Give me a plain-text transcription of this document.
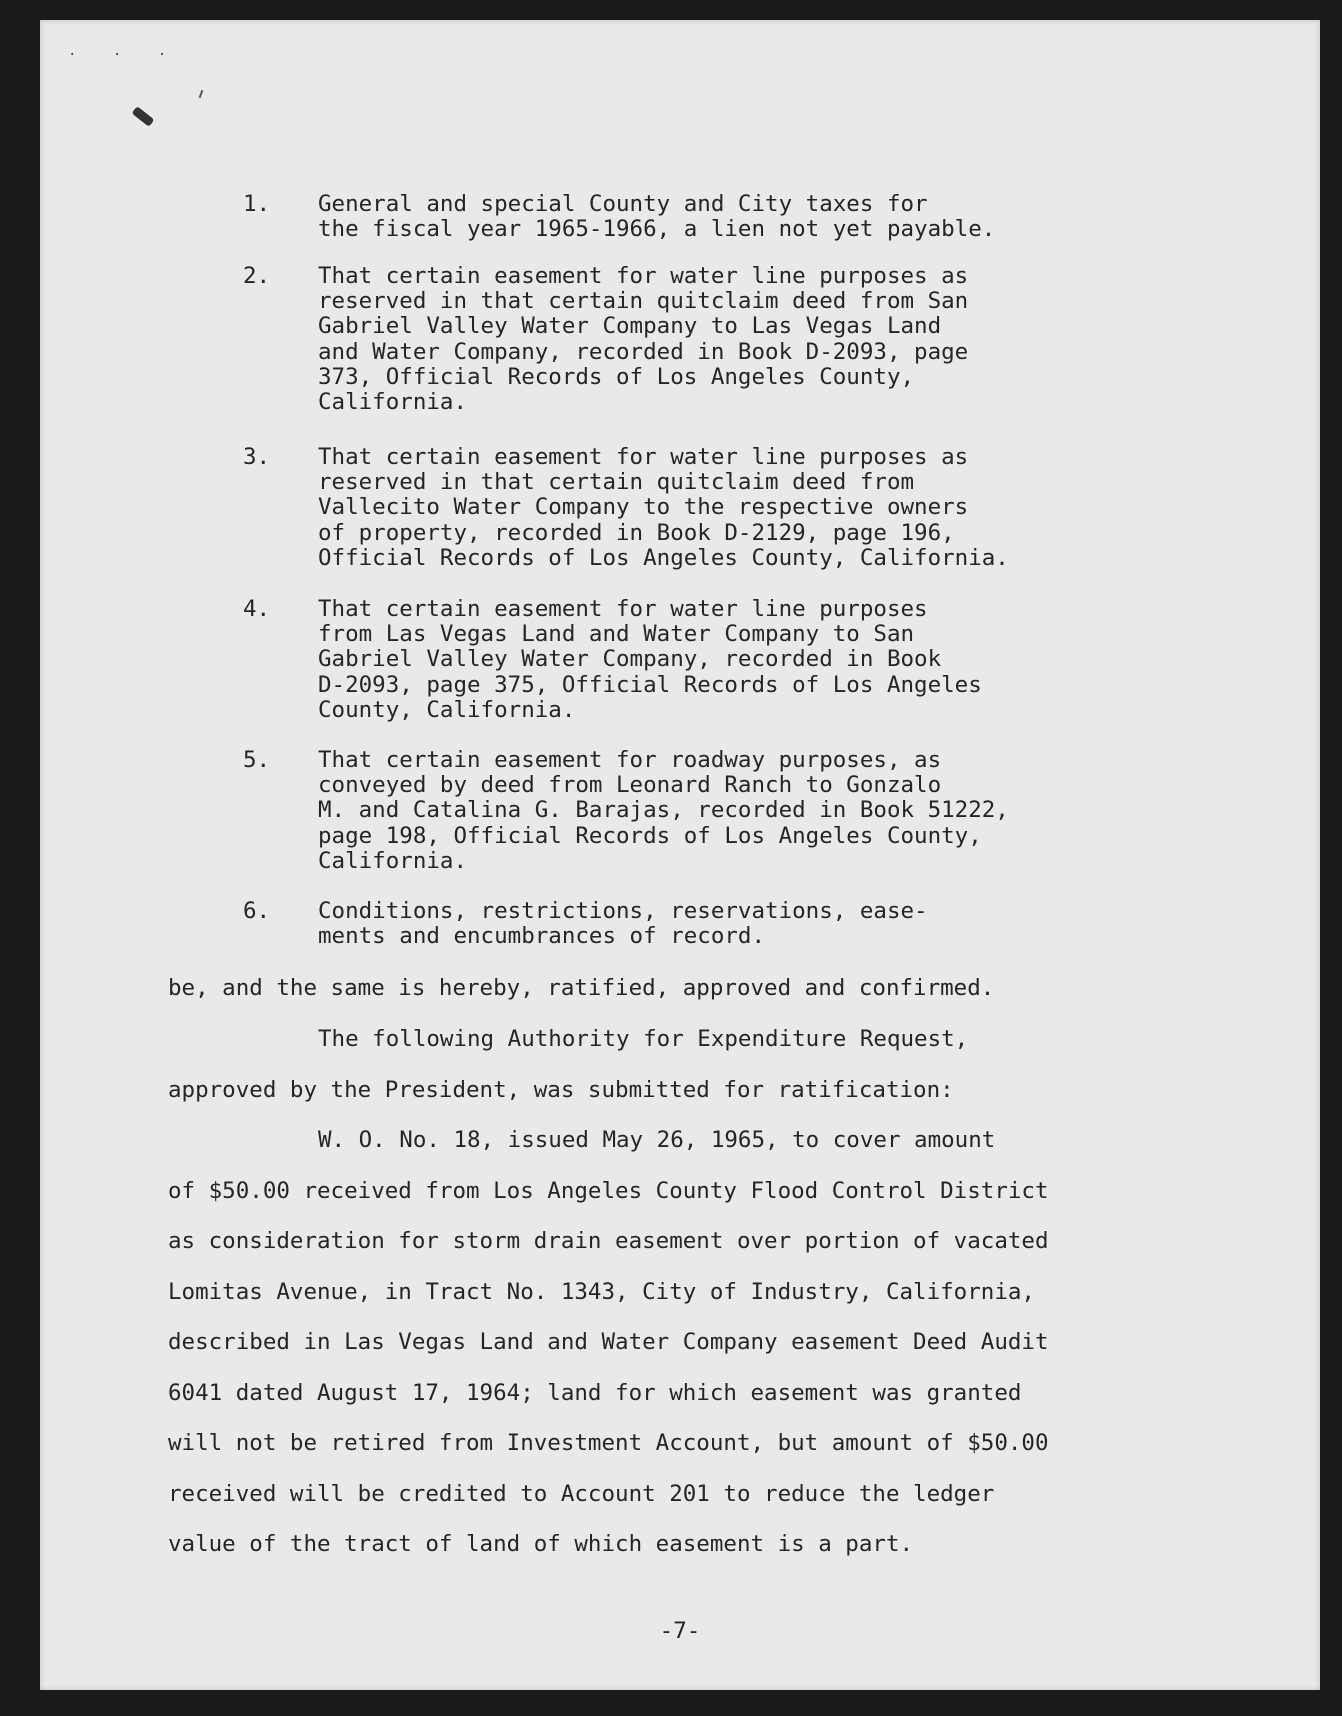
· · ·
1. General and special County and City taxes for
the fiscal year 1965-1966, a lien not yet payable.
2. That certain easement for water line purposes as
reserved in that certain quitclaim deed from San
Gabriel Valley Water Company to Las Vegas Land
and Water Company, recorded in Book D-2093, page
373, Official Records of Los Angeles County,
California.
3. That certain easement for water line purposes as
reserved in that certain quitclaim deed from
Vallecito Water Company to the respective owners
of property, recorded in Book D-2129, page 196,
Official Records of Los Angeles County, California.
4. That certain easement for water line purposes
from Las Vegas Land and Water Company to San
Gabriel Valley Water Company, recorded in Book
D-2093, page 375, Official Records of Los Angeles
County, California.
5. That certain easement for roadway purposes, as
conveyed by deed from Leonard Ranch to Gonzalo
M. and Catalina G. Barajas, recorded in Book 51222,
page 198, Official Records of Los Angeles County,
California.
6. Conditions, restrictions, reservations, ease-
ments and encumbrances of record.
be, and the same is hereby, ratified, approved and confirmed.
The following Authority for Expenditure Request,
approved by the President, was submitted for ratification:
W. O. No. 18, issued May 26, 1965, to cover amount
of $50.00 received from Los Angeles County Flood Control District
as consideration for storm drain easement over portion of vacated
Lomitas Avenue, in Tract No. 1343, City of Industry, California,
described in Las Vegas Land and Water Company easement Deed Audit
6041 dated August 17, 1964; land for which easement was granted
will not be retired from Investment Account, but amount of $50.00
received will be credited to Account 201 to reduce the ledger
value of the tract of land of which easement is a part.
-7-
